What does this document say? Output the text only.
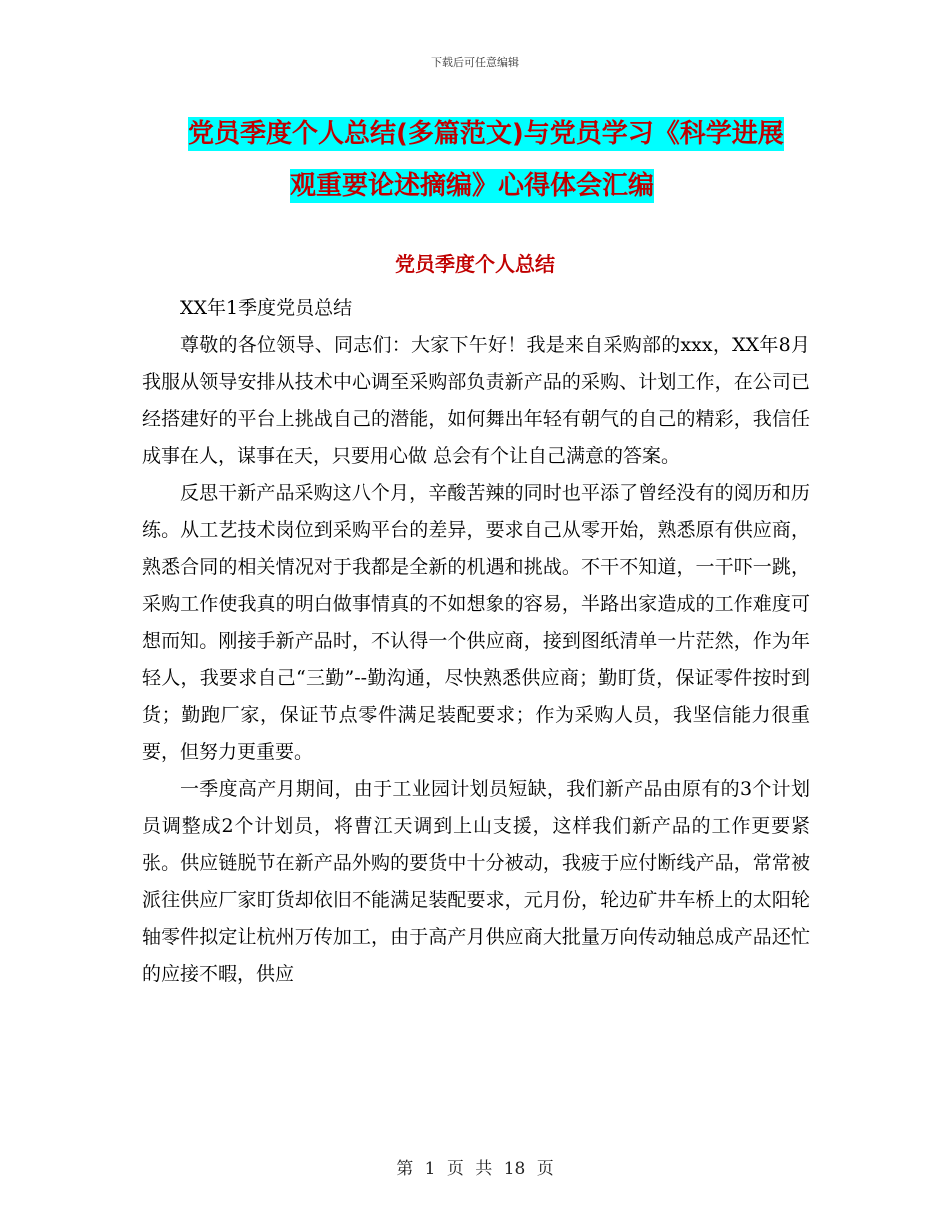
下载后可任意编辑
党员季度个人总结(多篇范文)与党员学习《科学进展
观重要论述摘编》心得体会汇编
党员季度个人总结

XX年1季度党员总结

尊敬的各位领导、同志们：大家下午好！我是来自采购部的xxx，XX年8月我服从领导安排从技术中心调至采购部负责新产品的采购、计划工作，在公司已经搭建好的平台上挑战自己的潜能，如何舞出年轻有朝气的自己的精彩，我信任成事在人，谋事在天，只要用心做 总会有个让自己满意的答案。

反思干新产品采购这八个月，辛酸苦辣的同时也平添了曾经没有的阅历和历练。从工艺技术岗位到采购平台的差异，要求自己从零开始，熟悉原有供应商，熟悉合同的相关情况对于我都是全新的机遇和挑战。不干不知道，一干吓一跳，采购工作使我真的明白做事情真的不如想象的容易，半路出家造成的工作难度可想而知。刚接手新产品时，不认得一个供应商，接到图纸清单一片茫然，作为年轻人，我要求自己“三勤”--勤沟通，尽快熟悉供应商；勤盯货，保证零件按时到货；勤跑厂家，保证节点零件满足装配要求；作为采购人员，我坚信能力很重要，但努力更重要。

一季度高产月期间，由于工业园计划员短缺，我们新产品由原有的3个计划员调整成2个计划员，将曹江天调到上山支援，这样我们新产品的工作更要紧张。供应链脱节在新产品外购的要货中十分被动，我疲于应付断线产品，常常被派往供应厂家盯货却依旧不能满足装配要求，元月份，轮边矿井车桥上的太阳轮轴零件拟定让杭州万传加工，由于高产月供应商大批量万向传动轴总成产品还忙的应接不暇，供应

第 1 页 共 18 页
